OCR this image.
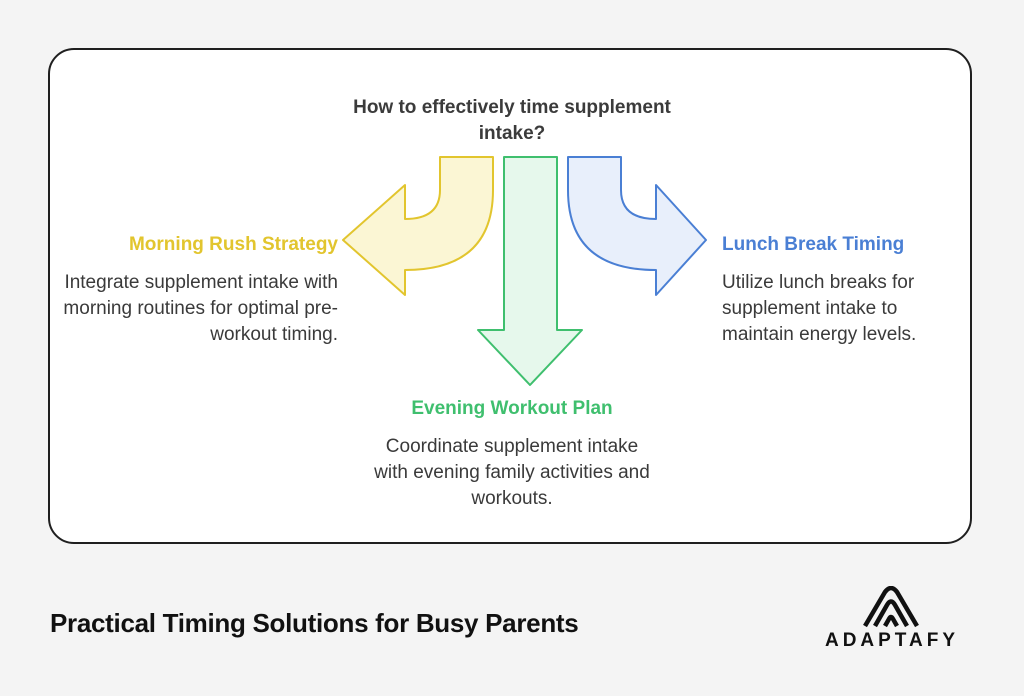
How to effectively time supplement intake?
Morning Rush Strategy
Integrate supplement intake with morning routines for optimal pre-workout timing.
Lunch Break Timing
Utilize lunch breaks for supplement intake to maintain energy levels.
Evening Workout Plan
Coordinate supplement intake with evening family activities and workouts.
Practical Timing Solutions for Busy Parents
ADAPTAFY
